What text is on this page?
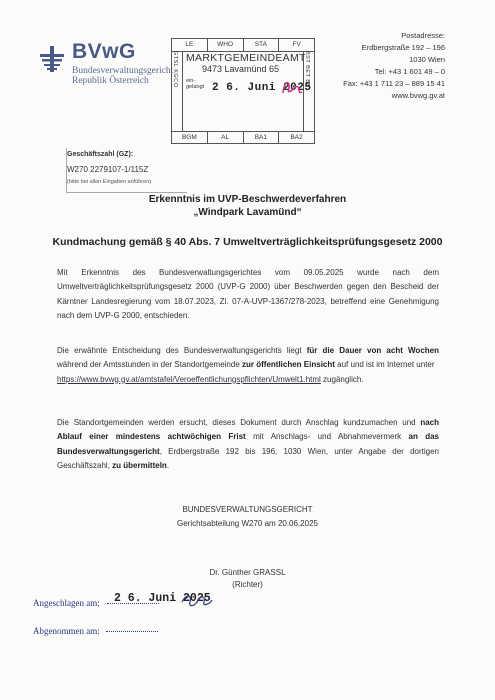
BVwG
Bundesverwaltungsgericht
Republik Österreich
LE	WHO	STA	FV
GTSL KGCO	BST BET BS1
MARKTGEMEINDEAMT
9473 Lavamünd 65
ein-
gelangt 2 6. Juni 2025
BGM	AL	BA1	BA2
Postadresse:
Erdbergstraße 192 – 196
1030 Wien
Tel: +43 1 601 49 – 0
Fax: +43 1 711 23 – 889 15 41
www.bvwg.gv.at
Geschäftszahl (GZ):
W270 2279107-1/115Z
(bitte bei allen Eingaben anführen)
Erkenntnis im UVP-Beschwerdeverfahren
„Windpark Lavamünd“
Kundmachung gemäß § 40 Abs. 7 Umweltverträglichkeitsprüfungsgesetz 2000
Mit Erkenntnis des Bundesverwaltungsgerichtes vom 09.05.2025 wurde nach dem Umweltverträglichkeitsprüfungsgesetz 2000 (UVP-G 2000) über Beschwerden gegen den Bescheid der Kärntner Landesregierung vom 18.07.2023, Zl. 07-A-UVP-1367/278-2023, betreffend eine Genehmigung nach dem UVP-G 2000, entschieden.
Die erwähnte Entscheidung des Bundesverwaltungsgerichts liegt für die Dauer von acht Wochen während der Amtsstunden in der Standortgemeinde zur öffentlichen Einsicht auf und ist im Internet unter
https://www.bvwg.gv.at/amtstafel/Veroeffentlichungspflichten/Umwelt1.html zugänglich.
Die Standortgemeinden werden ersucht, dieses Dokument durch Anschlag kundzumachen und nach Ablauf einer mindestens achtwöchigen Frist mit Anschlags- und Abnahmevermerk an das Bundesverwaltungsgericht, Erdbergstraße 192 bis 196, 1030 Wien, unter Angabe der dortigen Geschäftszahl, zu übermitteln.
BUNDESVERWALTUNGSGERICHT
Gerichtsabteilung W270 am 20.06.2025
Dr. Günther GRASSL
(Richter)
Angeschlagen am: 2 6. Juni 2025
Abgenommen am:
